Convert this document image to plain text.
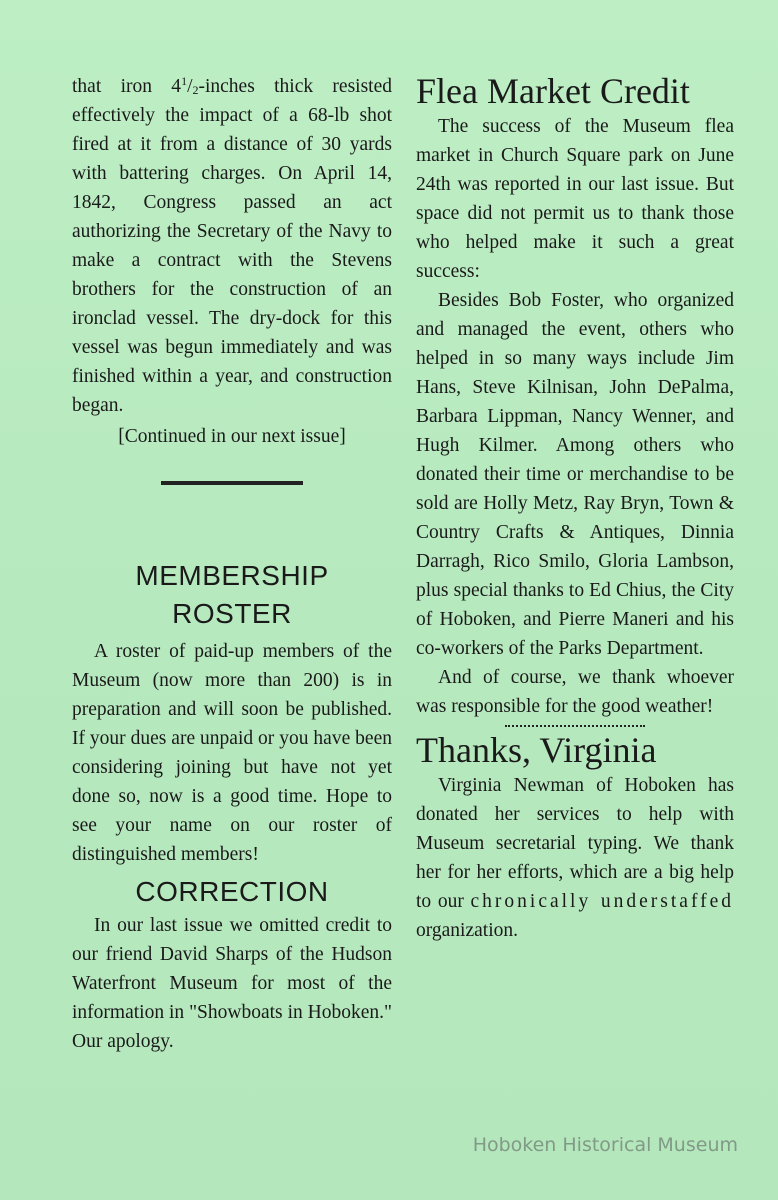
that iron $4^1/2$-inches thick resisted effectively the impact of a 68-lb shot fired at it from a distance of 30 yards with battering charges. On April 14, 1842, Congress passed an act authorizing the Secretary of the Navy to make a contract with the Stevens brothers for the construction of an ironclad vessel. The dry-dock for this vessel was begun immediately and was finished within a year, and construction began.

[Continued in our next issue]

MEMBERSHIP
ROSTER

A roster of paid-up members of the Museum (now more than 200) is in preparation and will soon be published. If your dues are unpaid or you have been considering joining but have not yet done so, now is a good time. Hope to see your name on our roster of distinguished members!

CORRECTION

In our last issue we omitted credit to our friend David Sharps of the Hudson Waterfront Museum for most of the information in "Showboats in Hoboken." Our apology.

Flea Market Credit

The success of the Museum flea market in Church Square park on June 24th was reported in our last issue. But space did not permit us to thank those who helped make it such a great success:

Besides Bob Foster, who organized and managed the event, others who helped in so many ways include Jim Hans, Steve Kilnisan, John DePalma, Barbara Lippman, Nancy Wenner, and Hugh Kilmer. Among others who donated their time or merchandise to be sold are Holly Metz, Ray Bryn, Town & Country Crafts & Antiques, Dinnia Darragh, Rico Smilo, Gloria Lambson, plus special thanks to Ed Chius, the City of Hoboken, and Pierre Maneri and his co-workers of the Parks Department.

And of course, we thank whoever was responsible for the good weather!

Thanks, Virginia

Virginia Newman of Hoboken has donated her services to help with Museum secretarial typing. We thank her for her efforts, which are a big help to our chronically understaffed organization.

Hoboken Historical Museum
